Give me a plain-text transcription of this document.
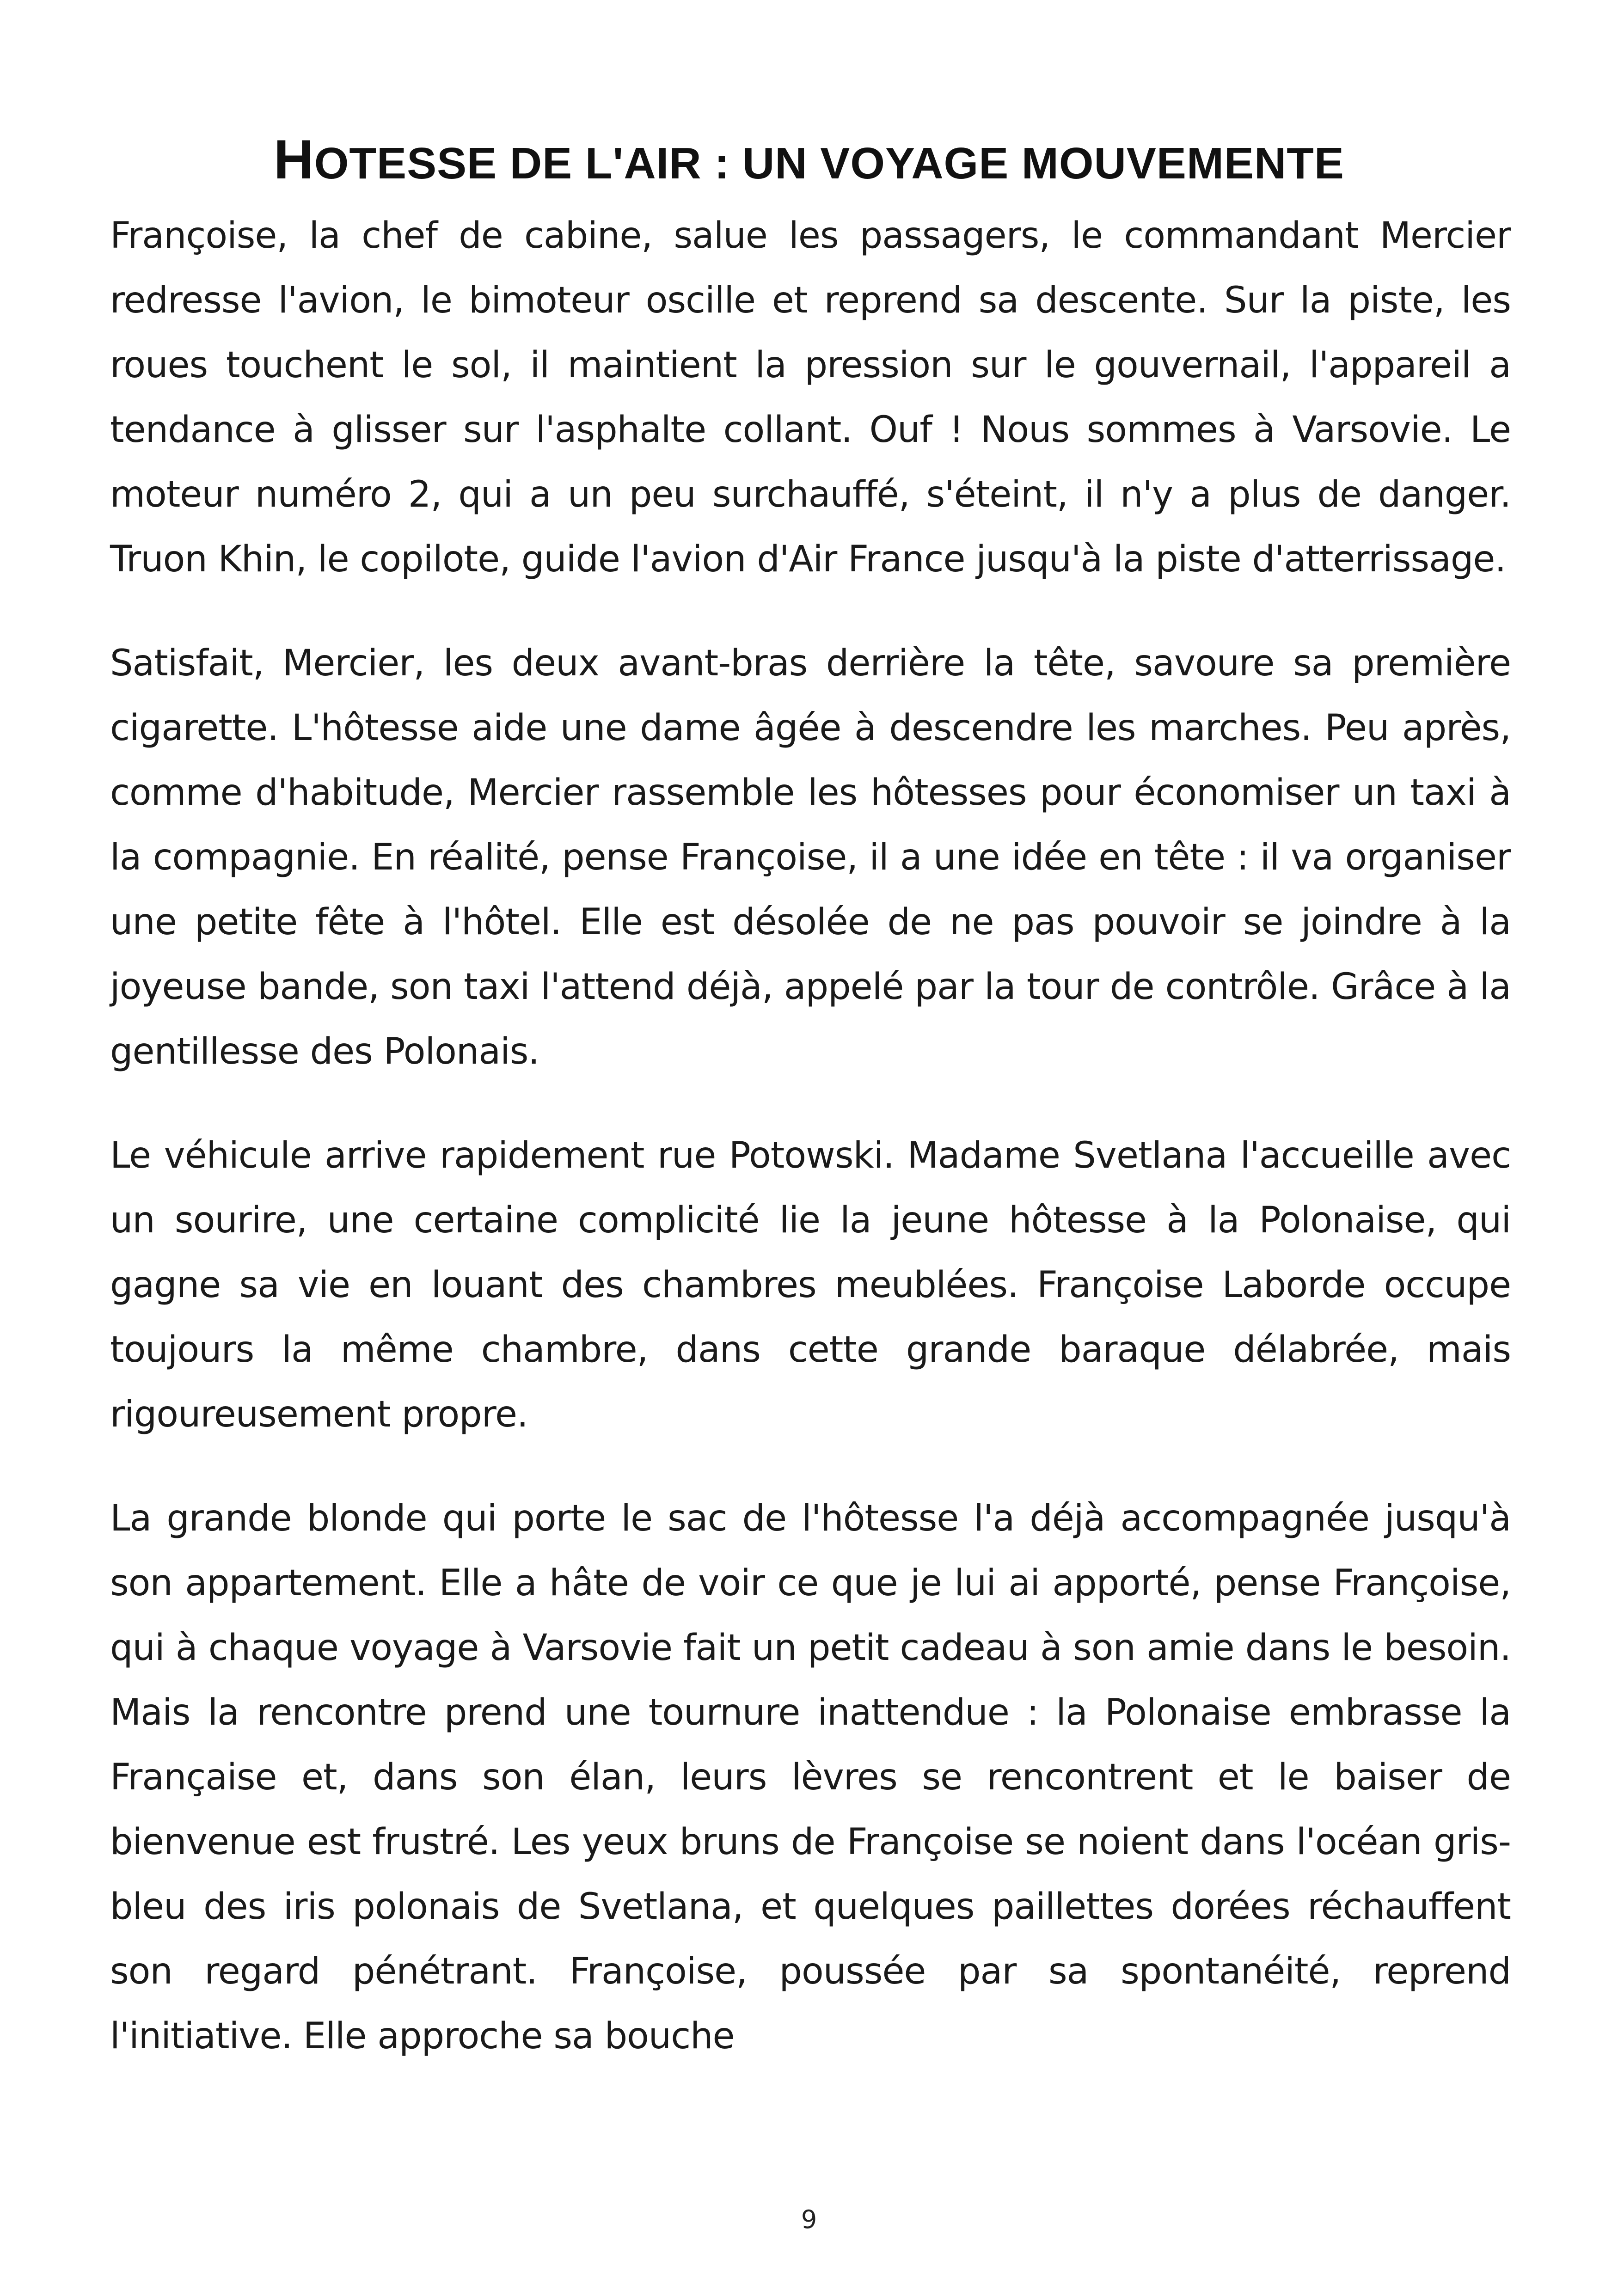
HOTESSE DE L'AIR : UN VOYAGE MOUVEMENTE

Françoise, la chef de cabine, salue les passagers, le commandant Mercier redresse l'avion, le bimoteur oscille et reprend sa descente. Sur la piste, les roues touchent le sol, il maintient la pression sur le gouvernail, l'appareil a tendance à glisser sur l'asphalte collant. Ouf ! Nous sommes à Varsovie. Le moteur numéro 2, qui a un peu surchauffé, s'éteint, il n'y a plus de danger. Truon Khin, le copilote, guide l'avion d'Air France jusqu'à la piste d'atterrissage.

Satisfait, Mercier, les deux avant-bras derrière la tête, savoure sa première cigarette. L'hôtesse aide une dame âgée à descendre les marches. Peu après, comme d'habitude, Mercier rassemble les hôtesses pour économiser un taxi à la compagnie. En réalité, pense Françoise, il a une idée en tête : il va organiser une petite fête à l'hôtel. Elle est désolée de ne pas pouvoir se joindre à la joyeuse bande, son taxi l'attend déjà, appelé par la tour de contrôle. Grâce à la gentillesse des Polonais.

Le véhicule arrive rapidement rue Potowski. Madame Svetlana l'accueille avec un sourire, une certaine complicité lie la jeune hôtesse à la Polonaise, qui gagne sa vie en louant des chambres meublées. Françoise Laborde occupe toujours la même chambre, dans cette grande baraque délabrée, mais rigoureusement propre.

La grande blonde qui porte le sac de l'hôtesse l'a déjà accompagnée jusqu'à son appartement. Elle a hâte de voir ce que je lui ai apporté, pense Françoise, qui à chaque voyage à Varsovie fait un petit cadeau à son amie dans le besoin. Mais la rencontre prend une tournure inattendue : la Polonaise embrasse la Française et, dans son élan, leurs lèvres se rencontrent et le baiser de bienvenue est frustré. Les yeux bruns de Françoise se noient dans l'océan gris-bleu des iris polonais de Svetlana, et quelques paillettes dorées réchauffent son regard pénétrant. Françoise, poussée par sa spontanéité, reprend l'initiative. Elle approche sa bouche

9
